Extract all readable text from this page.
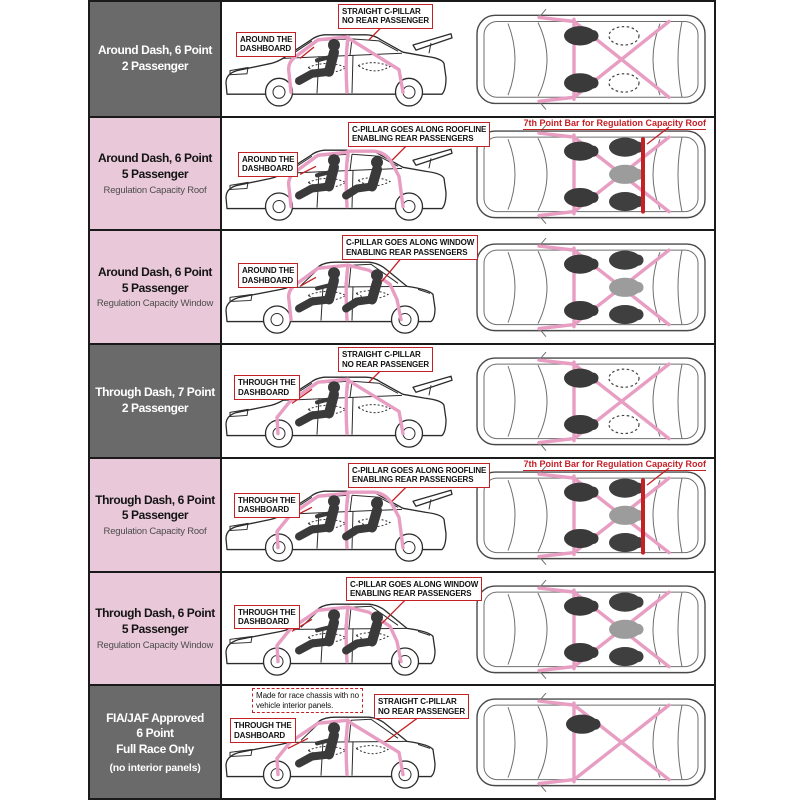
Around Dash, 6 Point
2 Passenger
AROUND THE
DASHBOARD
STRAIGHT C-PILLAR
NO REAR PASSENGER
Around Dash, 6 Point
5 Passenger
Regulation Capacity Roof
AROUND THE
DASHBOARD
C-PILLAR GOES ALONG ROOFLINE
ENABLING REAR PASSENGERS
7th Point Bar for Regulation Capacity Roof
Around Dash, 6 Point
5 Passenger
Regulation Capacity Window
AROUND THE
DASHBOARD
C-PILLAR GOES ALONG WINDOW
ENABLING REAR PASSENGERS
Through Dash, 7 Point
2 Passenger
THROUGH THE
DASHBOARD
STRAIGHT C-PILLAR
NO REAR PASSENGER
Through Dash, 6 Point
5 Passenger
Regulation Capacity Roof
THROUGH THE
DASHBOARD
C-PILLAR GOES ALONG ROOFLINE
ENABLING REAR PASSENGERS
7th Point Bar for Regulation Capacity Roof
Through Dash, 6 Point
5 Passenger
Regulation Capacity Window
THROUGH THE
DASHBOARD
C-PILLAR GOES ALONG WINDOW
ENABLING REAR PASSENGERS
FIA/JAF Approved
6 Point
Full Race Only
(no interior panels)
Made for race chassis with no
vehicle interior panels.
THROUGH THE
DASHBOARD
STRAIGHT C-PILLAR
NO REAR PASSENGER
